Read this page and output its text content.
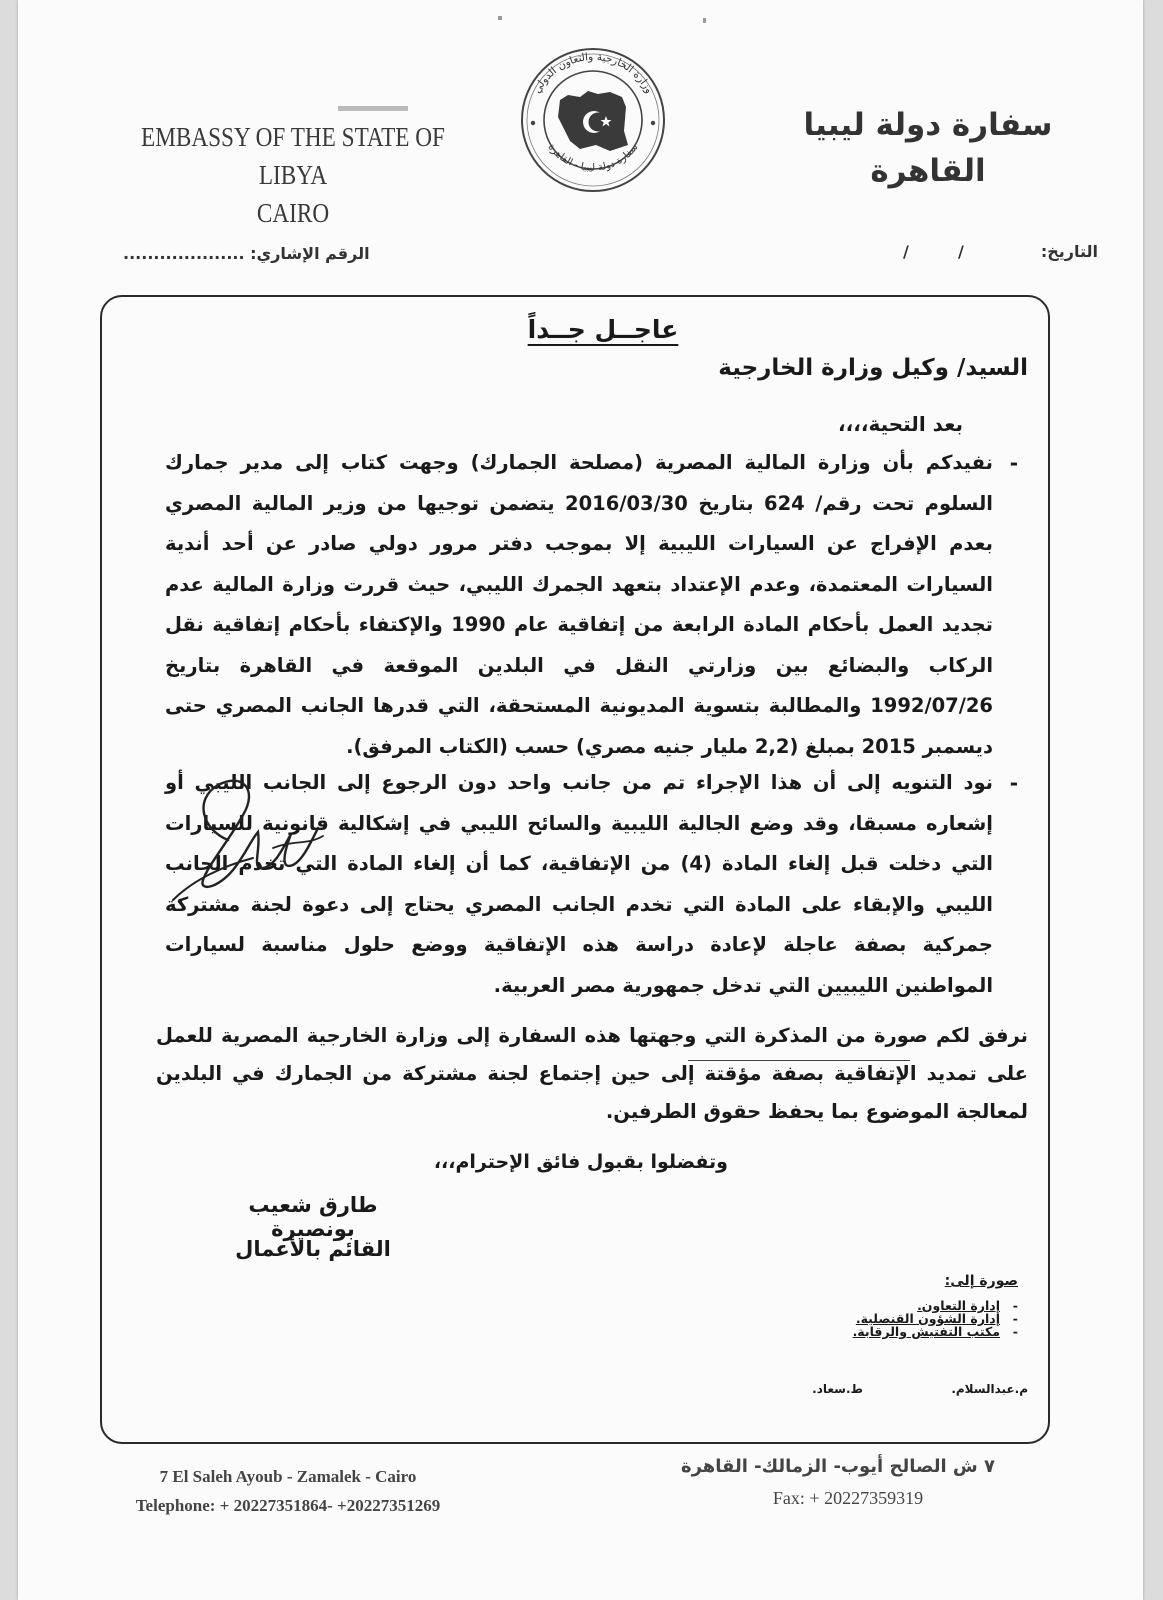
EMBASSY OF THE STATE OF LIBYA
CAIRO
سفارة دولة ليبيا
القاهرة
وزارة الخارجية والتعاون الدولي
سفارة دولة ليبيا - القاهرة
الرقم الإشاري: ....................	التاريخ:
/
/
عاجــل جــداً
السيد/ وكيل وزارة الخارجية
بعد التحية،،،،
-
نفيدكم بأن وزارة المالية المصرية (مصلحة الجمارك) وجهت كتاب إلى مدير جمارك السلوم تحت رقم/ 624 بتاريخ 2016/03/30 يتضمن توجيها من وزير المالية المصري بعدم الإفراج عن السيارات الليبية إلا بموجب دفتر مرور دولي صادر عن أحد أندية السيارات المعتمدة، وعدم الإعتداد بتعهد الجمرك الليبي، حيث قررت وزارة المالية عدم تجديد العمل بأحكام المادة الرابعة من إتفاقية عام 1990 والإكتفاء بأحكام إتفاقية نقل الركاب والبضائع بين وزارتي النقل في البلدين الموقعة في القاهرة بتاريخ 1992/07/26 والمطالبة بتسوية المديونية المستحقة، التي قدرها الجانب المصري حتى ديسمبر 2015 بمبلغ (2,2 مليار جنيه مصري) حسب (الكتاب المرفق).
-
نود التنويه إلى أن هذا الإجراء تم من جانب واحد دون الرجوع إلى الجانب الليبي أو إشعاره مسبقا، وقد وضع الجالية الليبية والسائح الليبي في إشكالية قانونية للسيارات التي دخلت قبل إلغاء المادة (4) من الإتفاقية، كما أن إلغاء المادة التي تخدم الجانب الليبي والإبقاء على المادة التي تخدم الجانب المصري يحتاج إلى دعوة لجنة مشتركة جمركية بصفة عاجلة لإعادة دراسة هذه الإتفاقية ووضع حلول مناسبة لسيارات المواطنين الليبيين التي تدخل جمهورية مصر العربية.
نرفق لكم صورة من المذكرة التي وجهتها هذه السفارة إلى وزارة الخارجية المصرية للعمل على تمديد الإتفاقية بصفة مؤقتة إلى حين إجتماع لجنة مشتركة من الجمارك في البلدين لمعالجة الموضوع بما يحفظ حقوق الطرفين.
وتفضلوا بقبول فائق الإحترام،،،
صورة إلى:
-
إدارة التعاون.
-
إدارة الشؤون القنصلية.
-
مكتب التفتيش والرقابة.
م.عبدالسلام.
ط.سعاد.
طارق شعيب بونصيرة
القائم بالأعمال
7 El Saleh Ayoub - Zamalek - Cairo
Telephone: + 20227351864- +20227351269
٧ ش الصالح أيوب- الزمالك- القاهرة
Fax: + 20227359319
